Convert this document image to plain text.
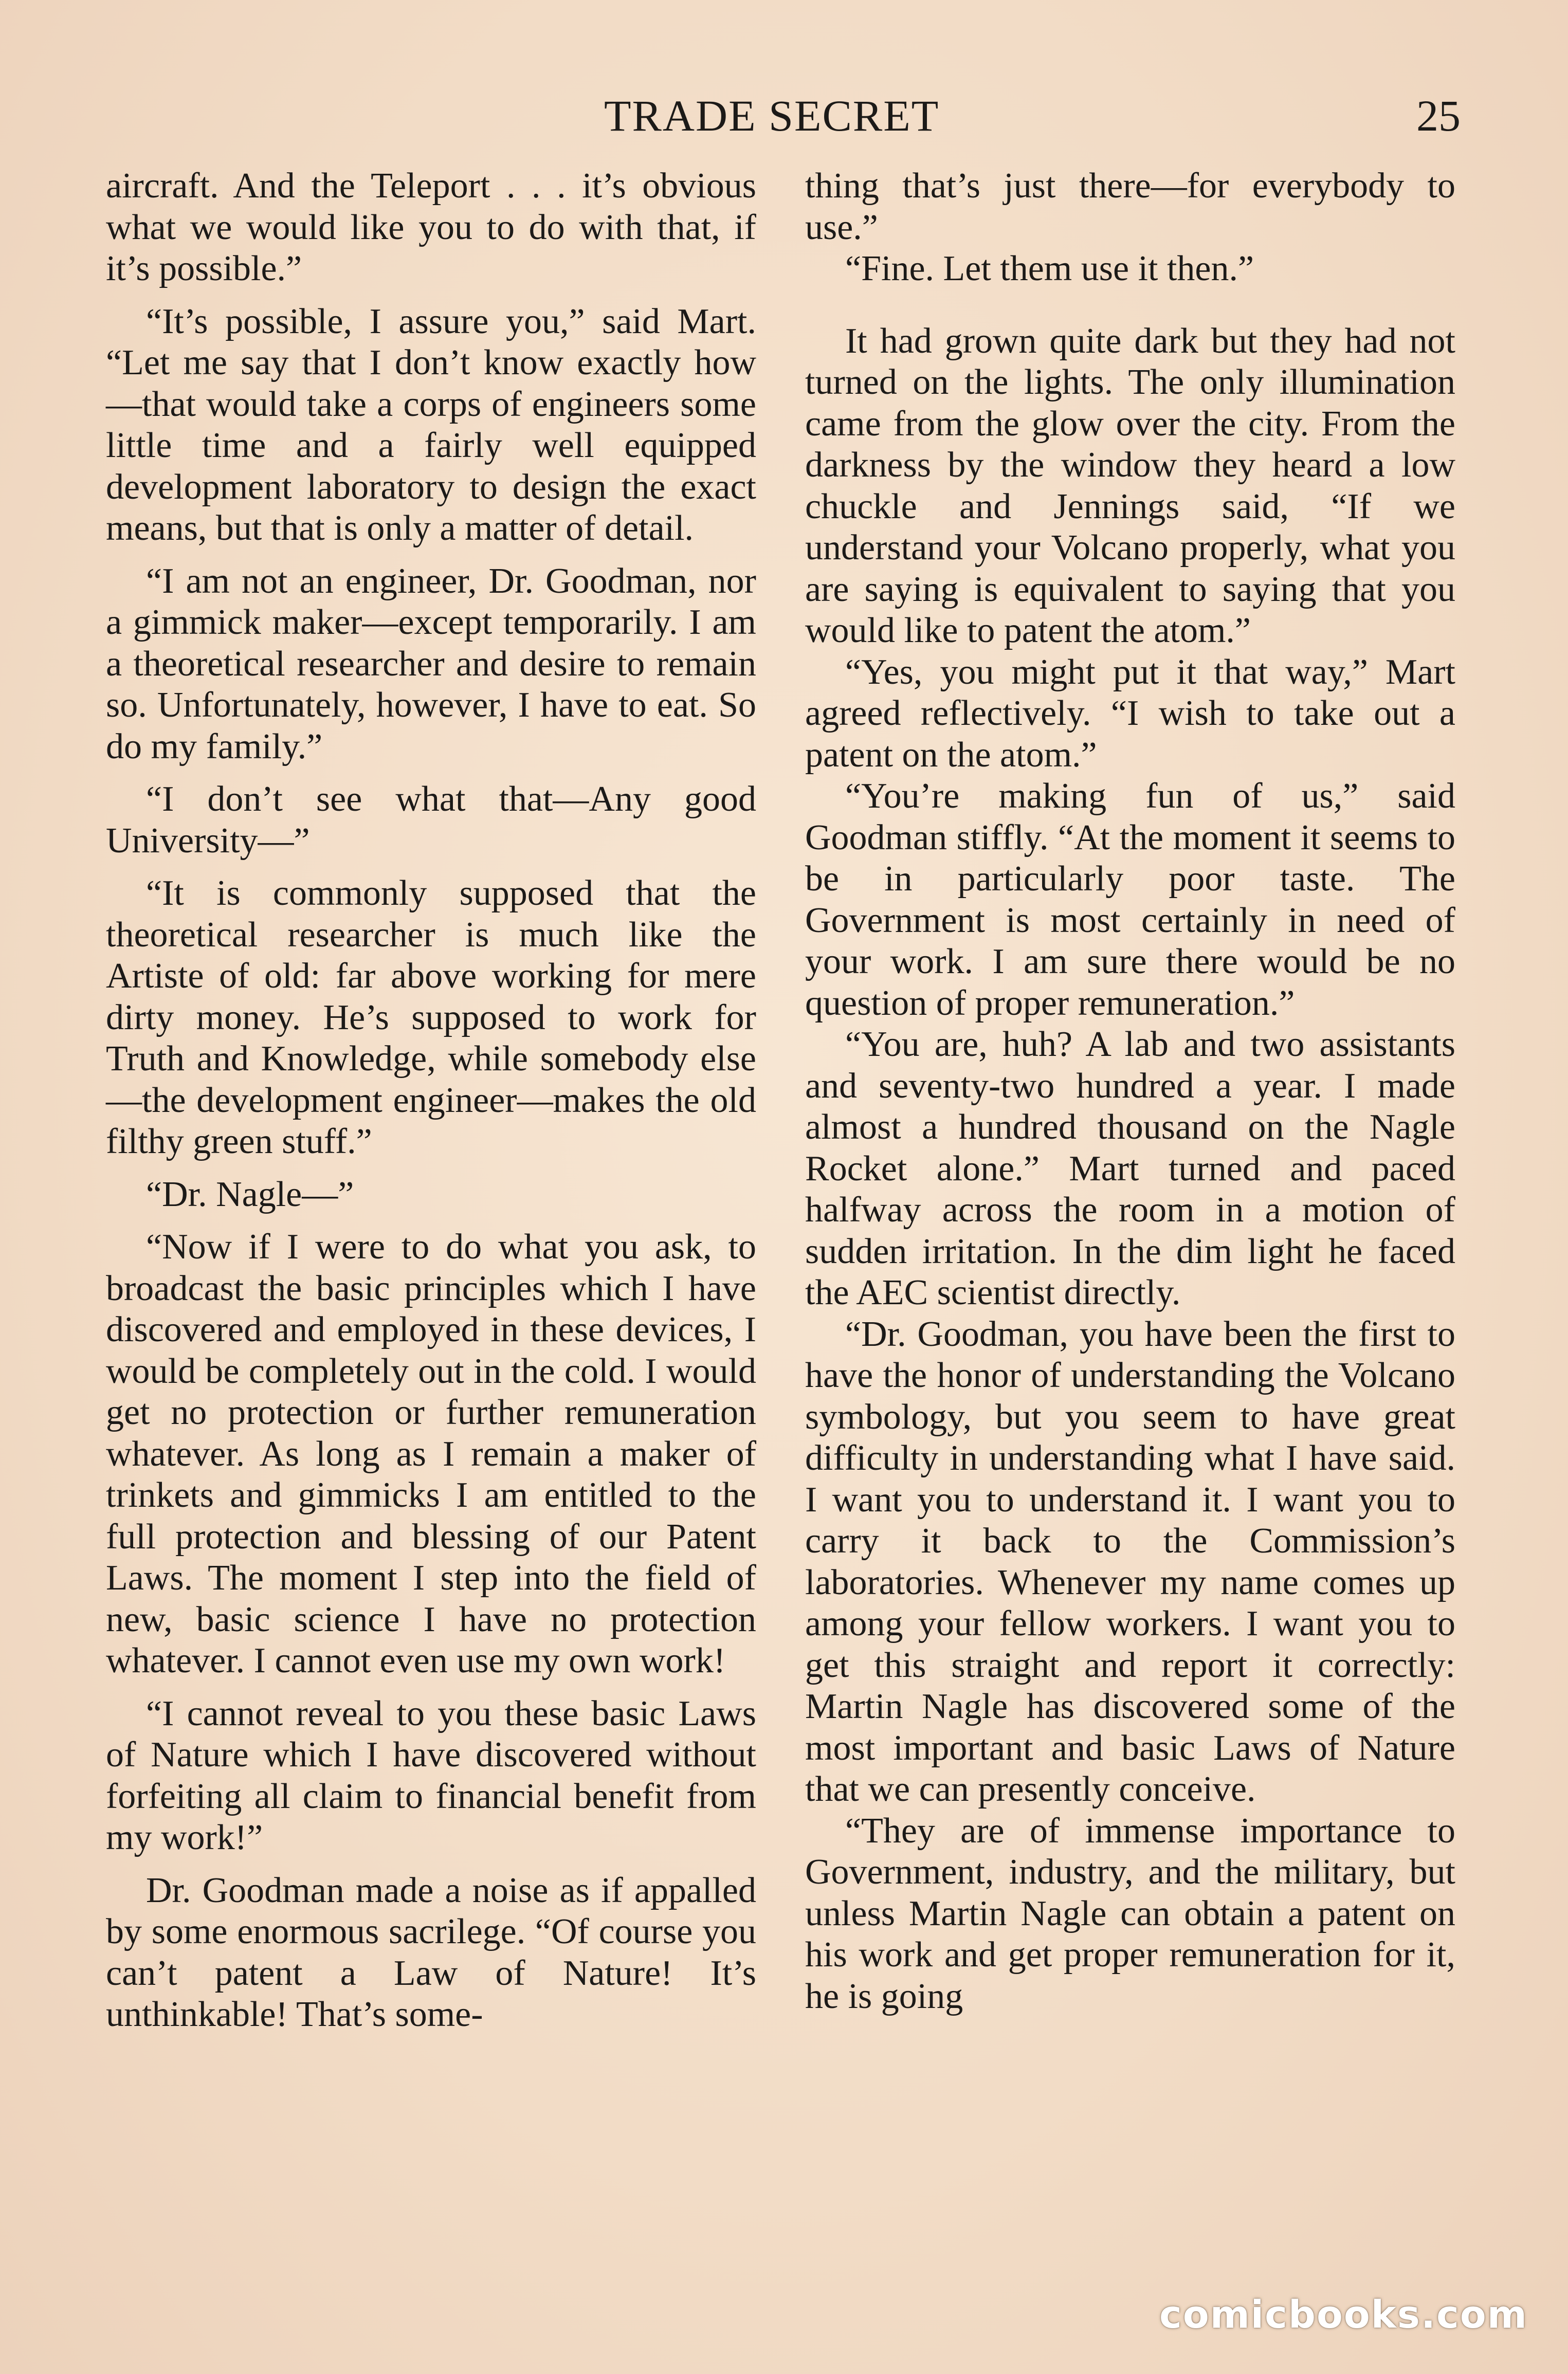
TRADE SECRET	25

aircraft. And the Teleport . . . it’s obvious what we would like you to do with that, if it’s possible.”

“It’s possible, I assure you,” said Mart. “Let me say that I don’t know exactly how—that would take a corps of engineers some little time and a fairly well equipped development laboratory to design the exact means, but that is only a matter of detail.

“I am not an engineer, Dr. Goodman, nor a gimmick maker—except temporarily. I am a theoretical researcher and desire to remain so. Unfortunately, however, I have to eat. So do my family.”

“I don’t see what that—Any good University—”

“It is commonly supposed that the theoretical researcher is much like the Artiste of old: far above working for mere dirty money. He’s supposed to work for Truth and Knowledge, while somebody else—the development engineer—makes the old filthy green stuff.”

“Dr. Nagle—”

“Now if I were to do what you ask, to broadcast the basic principles which I have discovered and employed in these devices, I would be completely out in the cold. I would get no protection or further remuneration whatever. As long as I remain a maker of trinkets and gimmicks I am entitled to the full protection and blessing of our Patent Laws. The moment I step into the field of new, basic science I have no protection whatever. I cannot even use my own work!

“I cannot reveal to you these basic Laws of Nature which I have discovered without forfeiting all claim to financial benefit from my work!”

Dr. Goodman made a noise as if appalled by some enormous sacrilege. “Of course you can’t patent a Law of Nature! It’s unthinkable! That’s some-

thing that’s just there—for everybody to use.”

“Fine. Let them use it then.”

It had grown quite dark but they had not turned on the lights. The only illumination came from the glow over the city. From the darkness by the window they heard a low chuckle and Jennings said, “If we understand your Volcano properly, what you are saying is equivalent to saying that you would like to patent the atom.”

“Yes, you might put it that way,” Mart agreed reflectively. “I wish to take out a patent on the atom.”

“You’re making fun of us,” said Goodman stiffly. “At the moment it seems to be in particularly poor taste. The Government is most certainly in need of your work. I am sure there would be no question of proper remuneration.”

“You are, huh? A lab and two assistants and seventy-two hundred a year. I made almost a hundred thousand on the Nagle Rocket alone.” Mart turned and paced halfway across the room in a motion of sudden irritation. In the dim light he faced the AEC scientist directly.

“Dr. Goodman, you have been the first to have the honor of understanding the Volcano symbology, but you seem to have great difficulty in understanding what I have said. I want you to understand it. I want you to carry it back to the Commission’s laboratories. Whenever my name comes up among your fellow workers. I want you to get this straight and report it correctly: Martin Nagle has discovered some of the most important and basic Laws of Nature that we can presently conceive.

“They are of immense importance to Government, industry, and the military, but unless Martin Nagle can obtain a patent on his work and get proper remuneration for it, he is going

comicbooks.com
